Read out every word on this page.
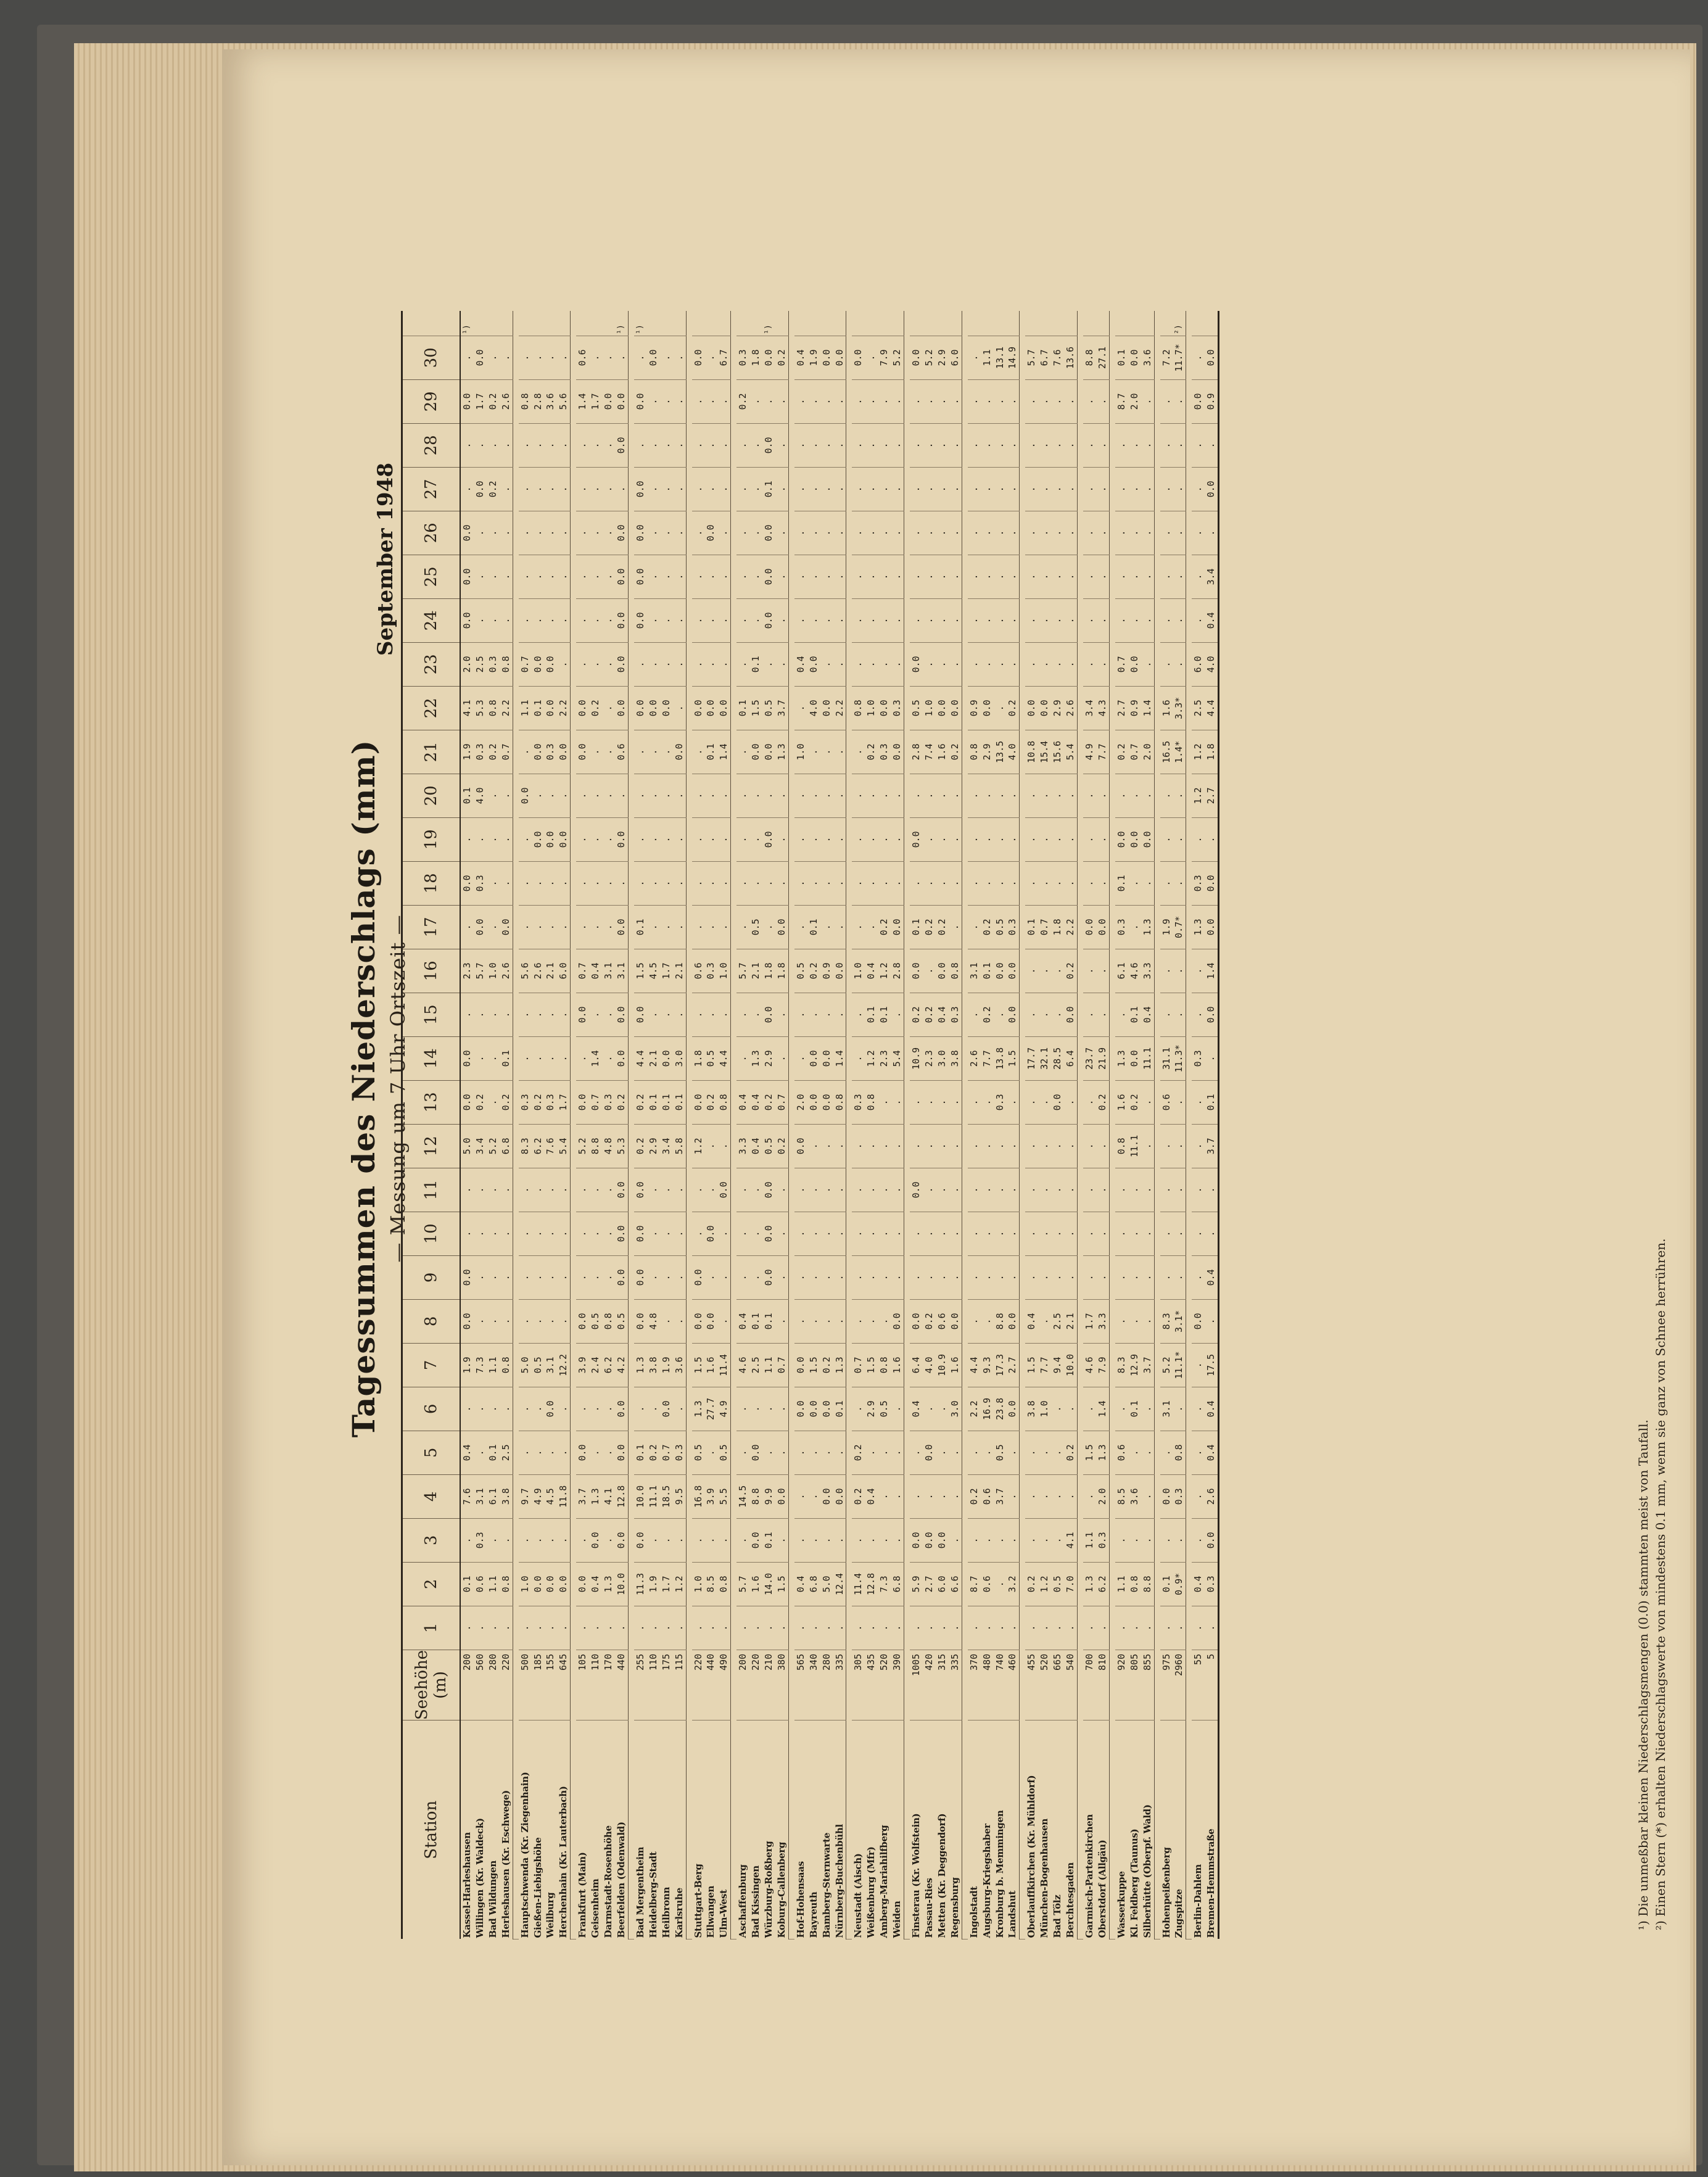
Tagessummen des Niederschlags (mm) — Messung um 7 Uhr Ortszeit —
September 1948
Station	Seehöhe (m)	1	2	3	4	5	6	7	8	9	10	11	12	13	14	15	16	17	18	19	20	21	22	23	24	25	26	27	28	29	30	
Kassel-Harleshausen	200	.	0.1	.	7.6	0.4	.	1.9	0.0	0.0	.	.	5.0	0.0	0.0	.	2.3	.	0.0	.	0.1	1.9	4.1	2.0	0.0	0.0	0.0	.	.	0.0	.	¹)
Willingen (Kr. Waldeck)	560	.	0.6	0.3	3.1	.	.	7.3	.	.	.	.	3.4	0.2	.	.	5.7	0.0	0.3	.	4.0	0.3	5.3	2.5	.	.	.	0.0	.	1.7	0.0	
Bad Wildungen	280	.	1.1	.	6.1	0.1	.	1.1	.	.	.	.	5.2	.	.	.	1.0	.	.	.	.	0.2	0.8	0.3	.	.	.	0.2	.	0.2	.	
Herleshausen (Kr. Eschwege)	220	.	0.8	.	3.8	2.5	.	0.8	.	.	.	.	6.8	0.2	0.1	.	2.6	0.0	.	.	.	0.7	2.2	0.8	.	.	.	.	.	2.6	.	

Hauptschwenda (Kr. Ziegenhain)	500	.	1.0	.	9.7	.	.	5.0	.	.	.	.	8.3	0.3	.	.	5.6	.	.	.	0.0	.	1.1	0.7	.	.	.	.	.	0.8	.	
Gießen-Liebigshöhe	185	.	0.0	.	4.9	.	.	0.5	.	.	.	.	6.2	0.2	.	.	2.6	.	.	0.0	.	0.0	0.1	0.0	.	.	.	.	.	2.8	.	
Weilburg	155	.	0.0	.	4.5	.	0.0	3.1	.	.	.	.	7.6	0.3	.	.	2.1	.	.	0.0	.	0.3	0.0	0.0	.	.	.	.	.	3.6	.	
Herchenhain (Kr. Lauterbach)	645	.	0.0	.	11.8	.	.	12.2	.	.	.	.	5.4	1.7	.	.	6.0	.	.	0.0	.	0.0	2.2	.	.	.	.	.	.	5.6	.	

Frankfurt (Main)	105	.	0.0	.	3.7	0.0	.	3.9	0.0	.	.	.	5.2	0.0	.	0.0	0.7	.	.	.	.	0.0	0.0	.	.	.	.	.	.	1.4	0.6	
Geisenheim	110	.	0.4	0.0	1.3	.	.	2.4	0.5	.	.	.	8.8	0.7	1.4	.	0.4	.	.	.	.	.	0.2	.	.	.	.	.	.	1.7	.	
Darmstadt-Rosenhöhe	170	.	1.3	.	4.1	.	.	6.2	0.8	.	.	.	4.8	0.3	.	.	3.1	.	.	.	.	.	.	.	.	.	.	.	.	0.0	.	
Beerfelden (Odenwald)	440	.	10.0	0.0	12.8	0.0	0.0	4.2	0.5	0.0	0.0	0.0	5.3	0.2	0.0	0.0	3.1	0.0	.	0.0	.	0.6	0.0	0.0	0.0	0.0	0.0	.	0.0	0.0	.	¹)

Bad Mergentheim	255	.	11.3	0.0	10.0	0.1	.	1.3	0.0	0.0	0.0	0.0	0.2	0.2	4.4	0.0	1.5	0.1	.	.	.	.	0.0	.	0.0	0.0	0.0	0.0	.	0.0	.	¹)
Heidelberg-Stadt	110	.	1.9	.	11.1	0.2	.	3.8	4.8	.	.	.	2.9	0.1	2.1	.	4.5	.	.	.	.	.	0.0	.	.	.	.	.	.	.	0.0	
Heilbronn	175	.	1.7	.	18.5	0.7	0.0	1.9	.	.	.	.	3.4	0.1	0.0	.	1.7	.	.	.	.	.	0.0	.	.	.	.	.	.	.	.	
Karlsruhe	115	.	1.2	.	9.5	0.3	.	3.6	.	.	.	.	5.8	0.1	3.0	.	2.1	.	.	.	.	0.0	.	.	.	.	.	.	.	.	.	

Stuttgart-Berg	220	.	1.0	.	16.8	0.5	1.3	1.5	0.0	0.0	.	.	1.2	0.0	1.8	.	0.6	.	.	.	.	.	0.0	.	.	.	.	.	.	.	0.0	
Ellwangen	440	.	8.5	.	3.9	.	27.7	1.6	0.0	.	0.0	.	.	0.2	0.5	.	0.3	.	.	.	.	0.1	0.0	.	.	.	0.0	.	.	.	.	
Ulm-West	490	.	0.8	.	5.5	0.5	4.9	11.4	.	.	.	0.0	.	0.8	4.4	.	1.0	.	.	.	.	1.4	0.0	.	.	.	.	.	.	.	6.7	

Aschaffenburg	200	.	5.7	.	14.5	.	.	4.6	0.4	.	.	.	3.3	0.4	.	.	5.7	.	.	.	.	.	0.1	.	.	.	.	.	.	0.2	0.3	
Bad Kissingen	220	.	1.6	0.0	8.8	0.0	.	2.5	0.1	.	.	.	0.4	0.4	1.3	.	2.1	0.5	.	.	.	0.0	1.5	0.1	.	.	.	.	.	.	1.8	
Würzburg-Roßberg	210	.	14.0	0.1	9.9	.	.	1.1	0.1	0.0	0.0	0.0	0.5	0.2	2.9	0.0	1.8	.	.	0.0	.	0.0	0.5	.	0.0	0.0	0.0	0.1	0.0	.	0.0	¹)
Koburg-Callenberg	380	.	1.5	.	0.0	.	.	0.7	.	.	.	.	0.2	0.7	.	.	1.8	0.0	.	.	.	1.3	3.7	.	.	.	.	.	.	.	0.2	

Hof-Hohensaas	565	.	0.4	.	.	.	0.0	0.0	.	.	.	.	0.0	2.0	.	.	0.5	.	.	.	.	1.0	.	0.4	.	.	.	.	.	.	0.4	
Bayreuth	340	.	6.8	.	.	.	0.0	1.5	.	.	.	.	.	0.0	0.0	.	0.2	0.1	.	.	.	.	4.0	0.0	.	.	.	.	.	.	1.9	
Bamberg-Sternwarte	280	.	5.0	.	0.0	.	0.0	0.2	.	.	.	.	.	0.0	0.0	.	0.9	.	.	.	.	.	0.0	.	.	.	.	.	.	.	0.0	
Nürnberg-Buchenbühl	335	.	12.4	.	0.0	.	0.1	1.3	.	.	.	.	.	0.8	1.4	.	0.0	.	.	.	.	.	2.2	.	.	.	.	.	.	.	0.0	

Neustadt (Aisch)	305	.	11.4	.	0.2	0.2	.	0.7	.	.	.	.	.	0.3	.	.	1.0	.	.	.	.	.	0.8	.	.	.	.	.	.	.	0.0	
Weißenburg (Mfr)	435	.	12.8	.	0.4	.	2.9	1.5	.	.	.	.	.	0.8	1.2	0.1	0.4	.	.	.	.	0.2	1.0	.	.	.	.	.	.	.	.	
Amberg-Mariahilfberg	520	.	7.3	.	.	.	0.5	0.8	.	.	.	.	.	.	2.3	0.1	1.2	0.2	.	.	.	0.3	0.0	.	.	.	.	.	.	.	7.9	
Weiden	390	.	6.8	.	.	.	.	1.6	0.0	.	.	.	.	.	5.4	.	2.8	0.0	.	.	.	0.0	0.3	.	.	.	.	.	.	.	5.2	

Finsterau (Kr. Wolfstein)	1005	.	5.9	0.0	.	.	0.4	6.4	0.0	.	.	0.0	.	.	10.9	0.2	0.0	0.1	.	0.0	.	2.8	0.5	0.0	.	.	.	.	.	.	0.0	
Passau-Ries	420	.	2.7	0.0	.	0.0	.	4.0	0.2	.	.	.	.	.	2.3	0.2	.	0.2	.	.	.	7.4	1.0	.	.	.	.	.	.	.	5.2	
Metten (Kr. Deggendorf)	315	.	6.0	0.0	.	.	.	10.9	0.6	.	.	.	.	.	3.0	0.4	0.0	0.2	.	.	.	1.6	0.0	.	.	.	.	.	.	.	2.9	
Regensburg	335	.	6.6	.	.	.	3.0	1.6	0.0	.	.	.	.	.	3.8	0.3	0.8	.	.	.	.	0.2	0.0	.	.	.	.	.	.	.	6.0	

Ingolstadt	370	.	8.7	.	0.2	.	2.2	4.4	.	.	.	.	.	.	2.6	.	3.1	.	.	.	.	0.8	0.9	.	.	.	.	.	.	.	.	
Augsburg-Kriegshaber	480	.	0.6	.	0.6	.	16.9	9.3	.	.	.	.	.	.	7.7	0.2	0.1	0.2	.	.	.	2.9	0.0	.	.	.	.	.	.	.	1.1	
Kronburg b. Memmingen	740	.	.	.	3.7	0.5	23.8	17.3	8.8	.	.	.	.	0.3	13.8	.	0.0	0.5	.	.	.	13.5	.	.	.	.	.	.	.	.	13.1	
Landshut	460	.	3.2	.	.	.	0.0	2.7	0.0	.	.	.	.	.	1.5	0.0	0.0	0.3	.	.	.	4.0	0.2	.	.	.	.	.	.	.	14.9	

Oberlauffkirchen (Kr. Mühldorf)	455	.	0.2	.	.	.	3.8	1.5	0.4	.	.	.	.	.	17.7	.	.	0.1	.	.	.	10.8	0.0	.	.	.	.	.	.	.	5.7	
München-Bogenhausen	520	.	1.2	.	.	.	1.0	7.7	.	.	.	.	.	.	32.1	.	.	0.7	.	.	.	15.4	0.0	.	.	.	.	.	.	.	6.7	
Bad Tölz	665	.	0.5	.	.	.	.	9.4	2.5	.	.	.	.	0.0	28.5	.	.	1.8	.	.	.	15.6	2.9	.	.	.	.	.	.	.	7.6	
Berchtesgaden	540	.	7.0	4.1	.	0.2	.	10.0	2.1	.	.	.	.	.	6.4	0.0	0.2	2.2	.	.	.	5.4	2.6	.	.	.	.	.	.	.	13.6	

Garmisch-Partenkirchen	700	.	1.3	1.1	.	1.5	.	4.6	1.7	.	.	.	.	.	23.7	.	.	0.0	.	.	.	4.9	3.4	.	.	.	.	.	.	.	8.8	
Oberstdorf (Allgäu)	810	.	6.2	0.3	2.0	1.3	1.4	7.9	3.3	.	.	.	.	0.2	21.9	.	.	0.0	.	.	.	7.7	4.3	.	.	.	.	.	.	.	27.1	

Wasserkuppe	920	.	1.1	.	8.5	0.6	.	8.3	.	.	.	.	0.8	1.6	1.3	.	6.1	0.3	0.1	0.0	.	0.2	2.7	0.7	.	.	.	.	.	8.7	0.1	
Kl. Feldberg (Taunus)	805	.	0.8	.	3.6	.	0.1	12.9	.	.	.	.	11.1	0.2	0.0	0.1	4.6	.	.	0.0	.	0.7	0.9	0.0	.	.	.	.	.	2.0	0.0	
Silberhütte (Oberpf. Wald)	855	.	8.8	.	.	.	.	3.7	.	.	.	.	.	.	11.1	0.4	3.3	1.3	.	0.0	.	2.0	1.4	.	.	.	.	.	.	.	3.6	

Hohenpeißenberg	975	.	0.1	.	0.0	.	3.1	5.2	8.3	.	.	.	.	0.6	31.1	.	.	1.9	.	.	.	16.5	1.6	.	.	.	.	.	.	.	7.2	
Zugspitze	2960	.	0.9*	.	0.3	0.8	.	11.1*	3.1*	.	.	.	.	.	11.3*	.	.	0.7*	.	.	.	1.4*	3.3*	.	.	.	.	.	.	.	11.7*	²)

Berlin-Dahlem	55	.	0.4	.	.	.	.	.	0.0	.	.	.	.	.	0.3	.	.	1.3	0.3	.	1.2	1.2	2.5	6.0	.	.	.	.	.	0.0	.	
Bremen-Hemmstraße	5	.	0.3	0.0	2.6	0.4	0.4	17.5	.	0.4	.	.	3.7	0.1	.	0.0	1.4	0.0	0.0	.	2.7	1.8	4.4	4.0	0.4	3.4	.	0.0	.	0.9	0.0	
¹) Die unmeßbar kleinen Niederschlagsmengen (0.0) stammten meist von Taufall. ²) Einen Stern (*) erhalten Niederschlagswerte von mindestens 0.1 mm, wenn sie ganz von Schnee herrühren.
